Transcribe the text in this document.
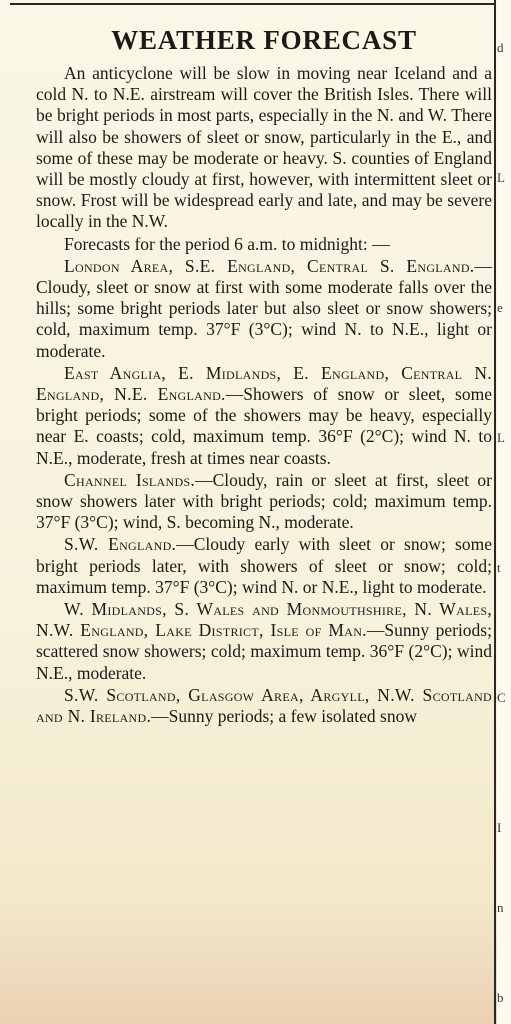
WEATHER FORECAST

An anticyclone will be slow in moving near Iceland and a cold N. to N.E. airstream will cover the British Isles. There will be bright periods in most parts, especially in the N. and W. There will also be showers of sleet or snow, particularly in the E., and some of these may be moderate or heavy. S. counties of England will be mostly cloudy at first, however, with intermittent sleet or snow. Frost will be widespread early and late, and may be severe locally in the N.W.

Forecasts for the period 6 a.m. to midnight: —

London Area, S.E. England, Central S. England.—Cloudy, sleet or snow at first with some moderate falls over the hills; some bright periods later but also sleet or snow showers; cold, maximum temp. 37°F (3°C); wind N. to N.E., light or moderate.

East Anglia, E. Midlands, E. England, Central N. England, N.E. England.—Showers of snow or sleet, some bright periods; some of the showers may be heavy, especially near E. coasts; cold, maximum temp. 36°F (2°C); wind N. to N.E., moderate, fresh at times near coasts.

Channel Islands.—Cloudy, rain or sleet at first, sleet or snow showers later with bright periods; cold; maximum temp. 37°F (3°C); wind, S. becoming N., moderate.

S.W. England.—Cloudy early with sleet or snow; some bright periods later, with showers of sleet or snow; cold; maximum temp. 37°F (3°C); wind N. or N.E., light to moderate.

W. Midlands, S. Wales and Monmouthshire, N. Wales, N.W. England, Lake District, Isle of Man.—Sunny periods; scattered snow showers; cold; maximum temp. 36°F (2°C); wind N.E., moderate.

S.W. Scotland, Glasgow Area, Argyll, N.W. Scotland and N. Ireland.—Sunny periods; a few isolated snow

d
L
e
L
t
C
I
n
b
